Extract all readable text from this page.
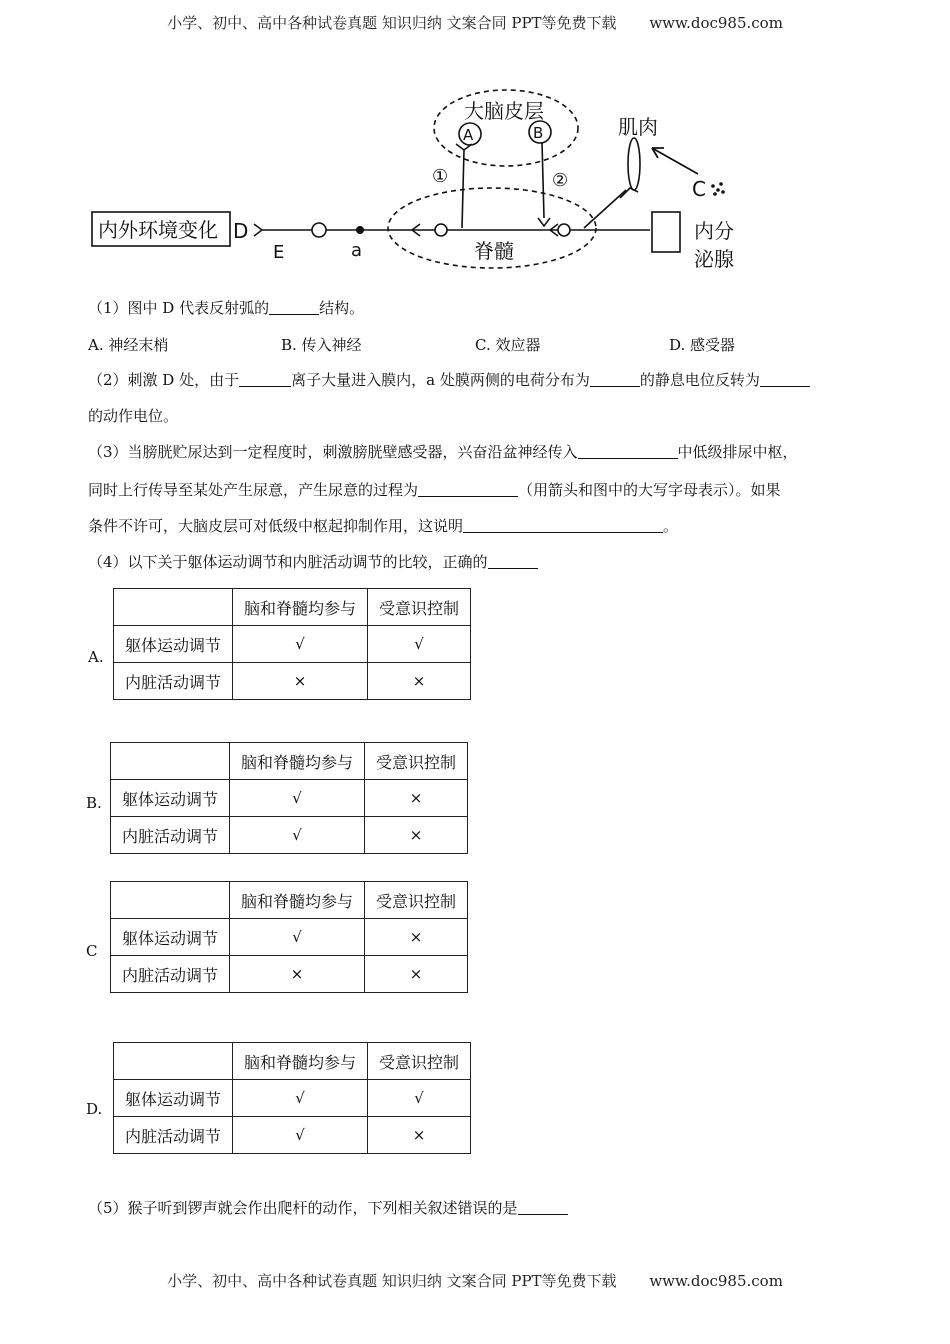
小学、初中、高中各种试卷真题 知识归纳 文案合同 PPT等免费下载 www.doc985.com
大脑皮层
A	B
①	②
脊髓
内外环境变化 D
E	a
肌肉
内分
泌腺
C
（1）图中 D 代表反射弧的	结构。
A. 神经末梢	B. 传入神经	C. 效应器	D. 感受器
（2）刺激 D 处，由于	离子大量进入膜内，a 处膜两侧的电荷分布为	的静息电位反转为
的动作电位。
（3）当膀胱贮尿达到一定程度时，刺激膀胱壁感受器，兴奋沿盆神经传入	中低级排尿中枢，
同时上行传导至某处产生尿意，产生尿意的过程为	（用箭头和图中的大写字母表示）。如果
条件不许可，大脑皮层可对低级中枢起抑制作用，这说明	。
（4）以下关于躯体运动调节和内脏活动调节的比较，正确的
A.
	脑和脊髓均参与	受意识控制
躯体运动调节	√	√
内脏活动调节	×	×
B.
	脑和脊髓均参与	受意识控制
躯体运动调节	√	×
内脏活动调节	√	×
C
	脑和脊髓均参与	受意识控制
躯体运动调节	√	×
内脏活动调节	×	×
D.
	脑和脊髓均参与	受意识控制
躯体运动调节	√	√
内脏活动调节	√	×
（5）猴子听到锣声就会作出爬杆的动作，下列相关叙述错误的是
小学、初中、高中各种试卷真题 知识归纳 文案合同 PPT等免费下载 www.doc985.com
